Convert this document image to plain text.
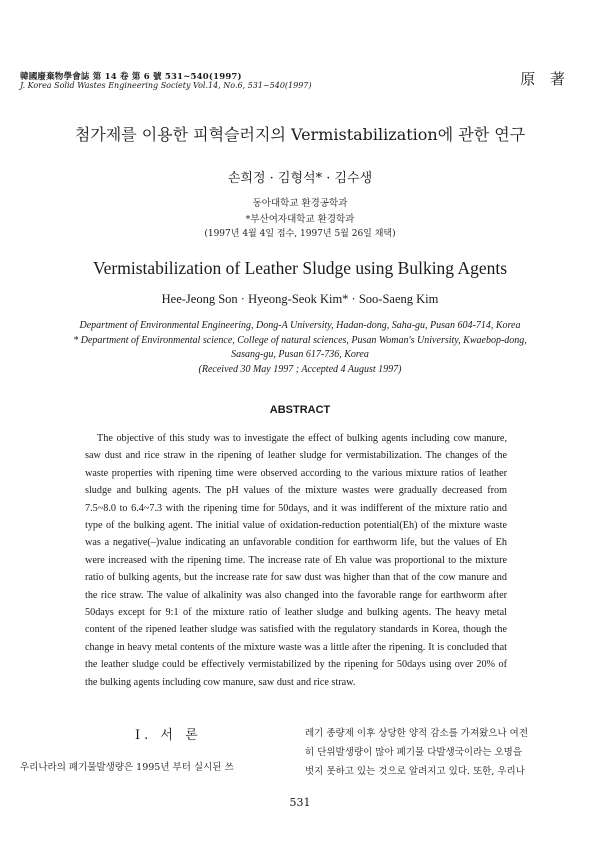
韓國廢棄物學會誌 第 14 卷 第 6 號 531~540(1997)
J. Korea Solid Wastes Engineering Society Vol.14, No.6, 531~540(1997)	原 著
첨가제를 이용한 피혁슬러지의 Vermistabilization에 관한 연구
손희정 · 김형석* · 김수생
동아대학교 환경공학과
*부산여자대학교 환경학과
(1997년 4월 4일 접수, 1997년 5월 26일 채택)
Vermistabilization of Leather Sludge using Bulking Agents
Hee-Jeong Son · Hyeong-Seok Kim* · Soo-Saeng Kim
Department of Environmental Engineering, Dong-A University, Hadan-dong, Saha-gu, Pusan 604-714, Korea
* Department of Environmental science, College of natural sciences, Pusan Woman's University, Kwaebop-dong,
Sasang-gu, Pusan 617-736, Korea
(Received 30 May 1997 ; Accepted 4 August 1997)
ABSTRACT
The objective of this study was to investigate the effect of bulking agents including cow manure, saw dust and rice straw in the ripening of leather sludge for vermistabilization. The changes of the waste properties with ripening time were observed according to the various mixture ratios of leather sludge and bulking agents. The pH values of the mixture wastes were gradually decreased from 7.5~8.0 to 6.4~7.3 with the ripening time for 50days, and it was indifferent of the mixture ratio and type of the bulking agent. The initial value of oxidation-reduction potential(Eh) of the mixture waste was a negative(–)value indicating an unfavorable condition for earthworm life, but the values of Eh were increased with the ripening time. The increase rate of Eh value was proportional to the mixture ratio of bulking agents, but the increase rate for saw dust was higher than that of the cow manure and the rice straw. The value of alkalinity was also changed into the favorable range for earthworm after 50days except for 9:1 of the mixture ratio of leather sludge and bulking agents. The heavy metal content of the ripened leather sludge was satisfied with the regulatory standards in Korea, though the change in heavy metal contents of the mixture waste was a little after the ripening. It is concluded that the leather sludge could be effectively vermistabilized by the ripening for 50days using over 20% of the bulking agents including cow manure, saw dust and rice straw.
Ⅰ. 서 론
우리나라의 폐기물발생량은 1995년 부터 실시된 쓰
레기 종량제 이후 상당한 양적 감소를 가져왔으나 여전
히 단위발생량이 많아 폐기물 다발생국이라는 오명을
벗지 못하고 있는 것으로 알려지고 있다. 또한, 우리나
531
